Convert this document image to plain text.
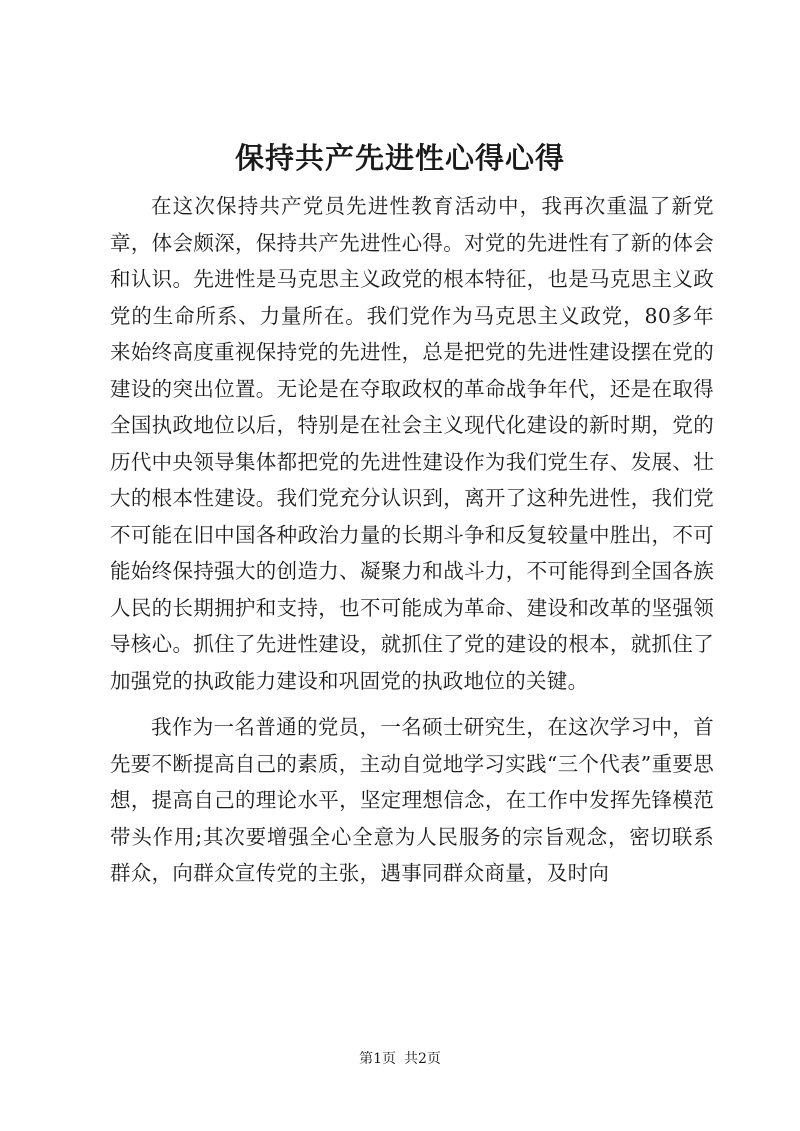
保持共产先进性心得心得

在这次保持共产党员先进性教育活动中，我再次重温了新党章，体会颇深，保持共产先进性心得。对党的先进性有了新的体会和认识。先进性是马克思主义政党的根本特征，也是马克思主义政党的生命所系、力量所在。我们党作为马克思主义政党，80多年来始终高度重视保持党的先进性，总是把党的先进性建设摆在党的建设的突出位置。无论是在夺取政权的革命战争年代，还是在取得全国执政地位以后，特别是在社会主义现代化建设的新时期，党的历代中央领导集体都把党的先进性建设作为我们党生存、发展、壮大的根本性建设。我们党充分认识到，离开了这种先进性，我们党不可能在旧中国各种政治力量的长期斗争和反复较量中胜出，不可能始终保持强大的创造力、凝聚力和战斗力，不可能得到全国各族人民的长期拥护和支持，也不可能成为革命、建设和改革的坚强领导核心。抓住了先进性建设，就抓住了党的建设的根本，就抓住了加强党的执政能力建设和巩固党的执政地位的关键。

我作为一名普通的党员，一名硕士研究生，在这次学习中，首先要不断提高自己的素质，主动自觉地学习实践“三个代表”重要思想，提高自己的理论水平，坚定理想信念，在工作中发挥先锋模范带头作用;其次要增强全心全意为人民服务的宗旨观念，密切联系群众，向群众宣传党的主张，遇事同群众商量，及时向

第1页 共2页
